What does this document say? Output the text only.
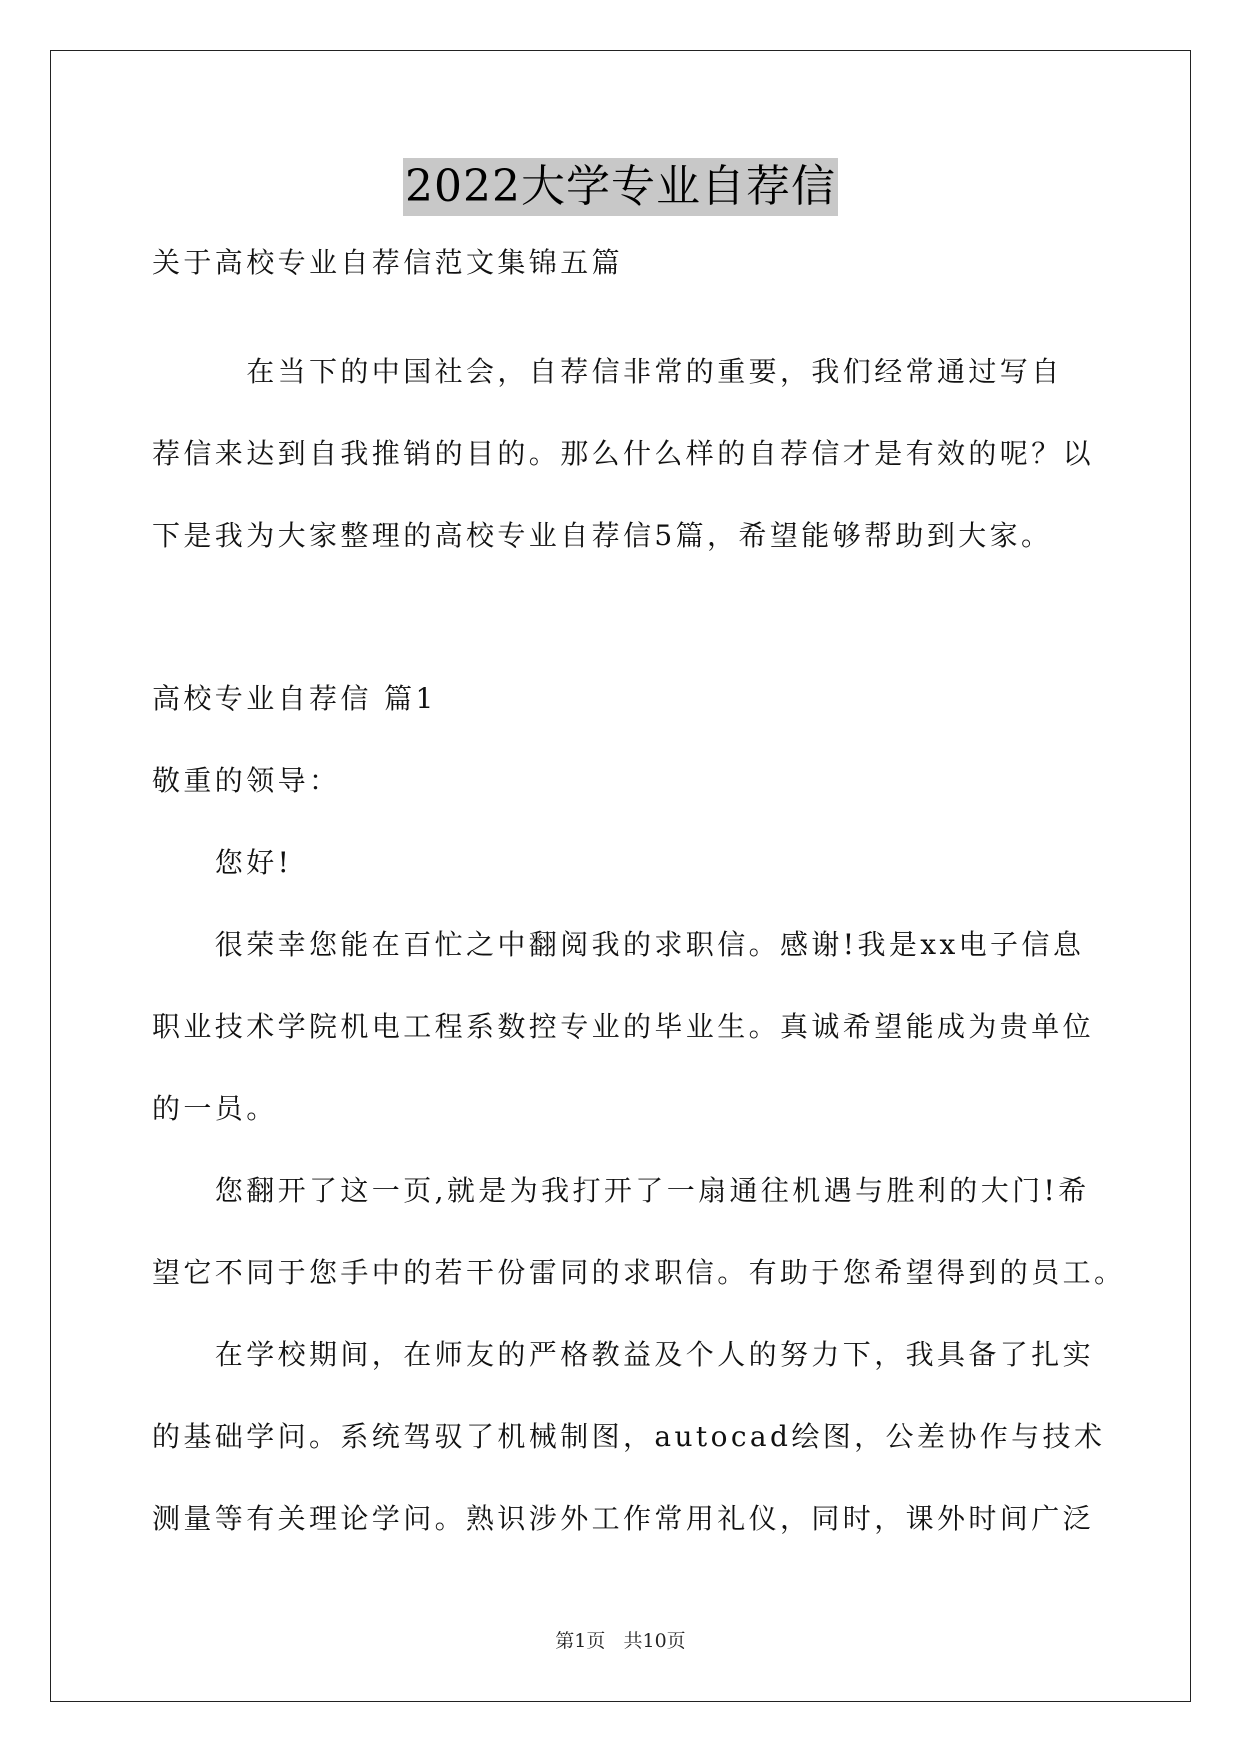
2022大学专业自荐信
关于高校专业自荐信范文集锦五篇
　　　在当下的中国社会，自荐信非常的重要，我们经常通过写自
荐信来达到自我推销的目的。那么什么样的自荐信才是有效的呢？以
下是我为大家整理的高校专业自荐信5篇，希望能够帮助到大家。
高校专业自荐信 篇1
敬重的领导：
　　您好!
　　很荣幸您能在百忙之中翻阅我的求职信。感谢!我是xx电子信息
职业技术学院机电工程系数控专业的毕业生。真诚希望能成为贵单位
的一员。
　　您翻开了这一页,就是为我打开了一扇通往机遇与胜利的大门!希
望它不同于您手中的若干份雷同的求职信。有助于您希望得到的员工。
　　在学校期间，在师友的严格教益及个人的努力下，我具备了扎实
的基础学问。系统驾驭了机械制图，autocad绘图，公差协作与技术
测量等有关理论学问。熟识涉外工作常用礼仪，同时，课外时间广泛
第1页   共10页
